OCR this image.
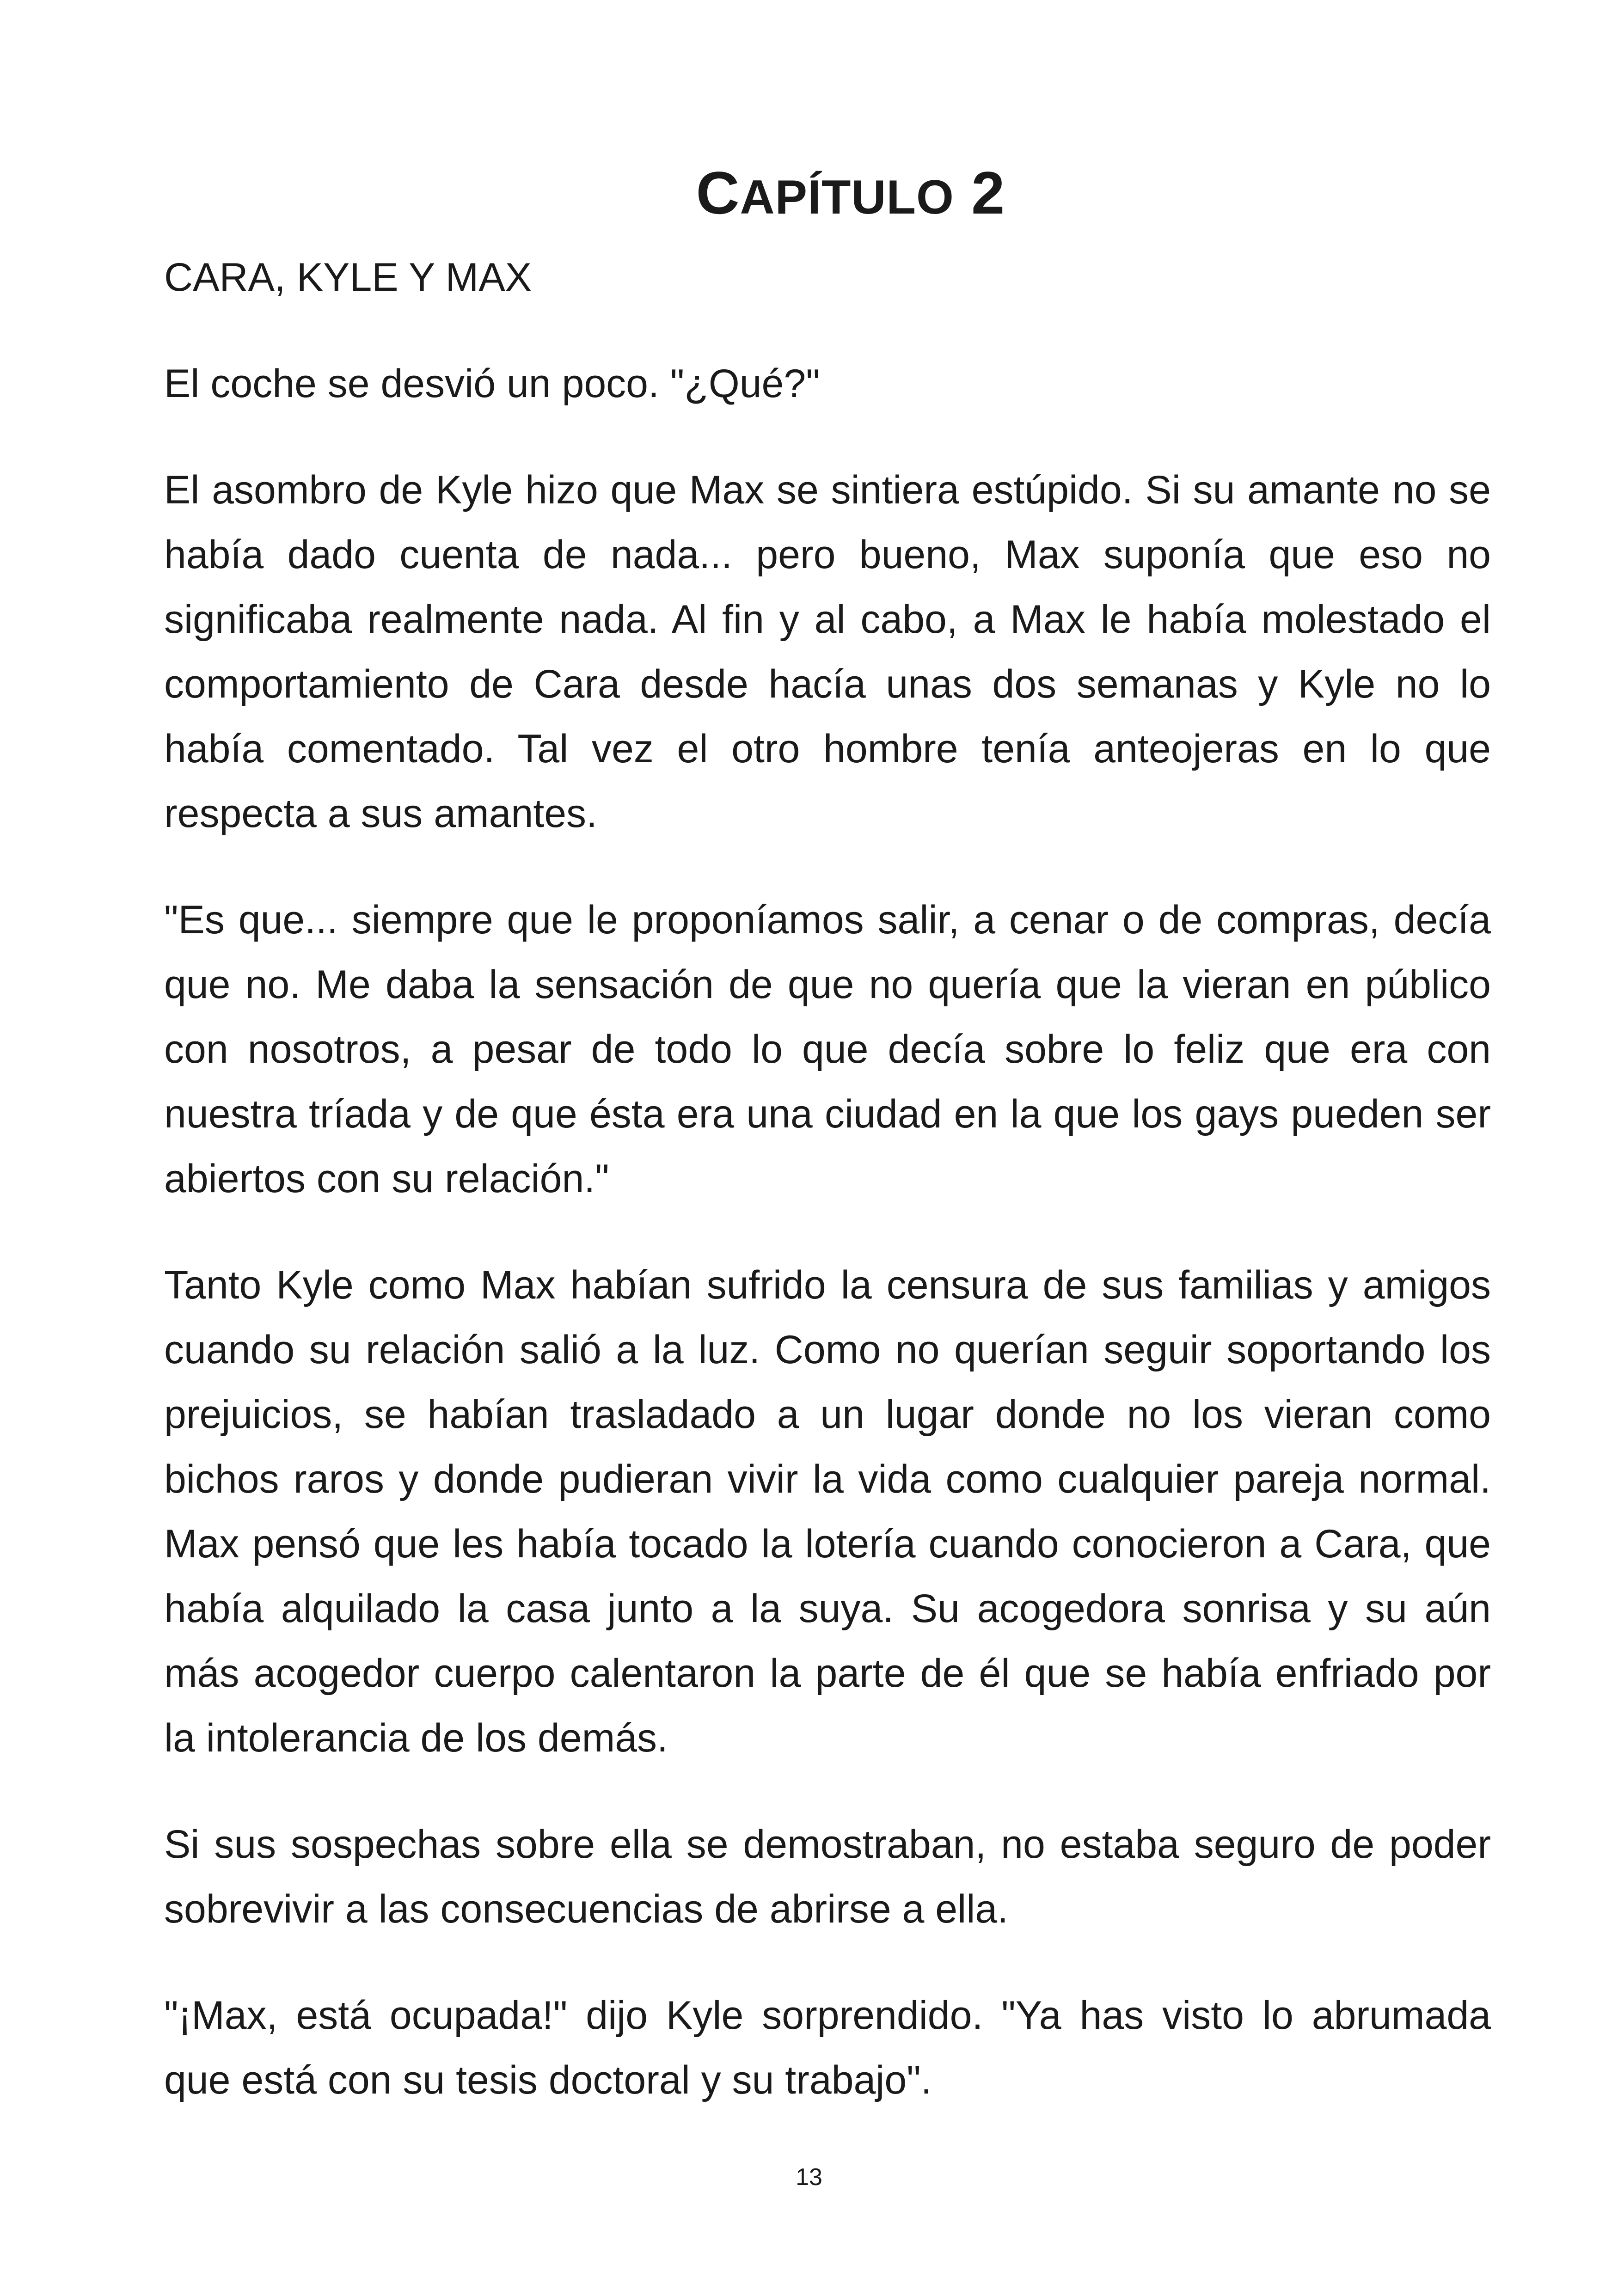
CAPÍTULO 2

CARA, KYLE Y MAX

El coche se desvió un poco. "¿Qué?"

El asombro de Kyle hizo que Max se sintiera estúpido. Si su amante no se había dado cuenta de nada... pero bueno, Max suponía que eso no significaba realmente nada. Al fin y al cabo, a Max le había molestado el comportamiento de Cara desde hacía unas dos semanas y Kyle no lo había comentado. Tal vez el otro hombre tenía anteojeras en lo que respecta a sus amantes.

"Es que... siempre que le proponíamos salir, a cenar o de compras, decía que no. Me daba la sensación de que no quería que la vieran en público con nosotros, a pesar de todo lo que decía sobre lo feliz que era con nuestra tríada y de que ésta era una ciudad en la que los gays pueden ser abiertos con su relación."

Tanto Kyle como Max habían sufrido la censura de sus familias y amigos cuando su relación salió a la luz. Como no querían seguir soportando los prejuicios, se habían trasladado a un lugar donde no los vieran como bichos raros y donde pudieran vivir la vida como cualquier pareja normal. Max pensó que les había tocado la lotería cuando conocieron a Cara, que había alquilado la casa junto a la suya. Su acogedora sonrisa y su aún más acogedor cuerpo calentaron la parte de él que se había enfriado por la intolerancia de los demás.

Si sus sospechas sobre ella se demostraban, no estaba seguro de poder sobrevivir a las consecuencias de abrirse a ella.

"¡Max, está ocupada!" dijo Kyle sorprendido. "Ya has visto lo abrumada que está con su tesis doctoral y su trabajo".

13
